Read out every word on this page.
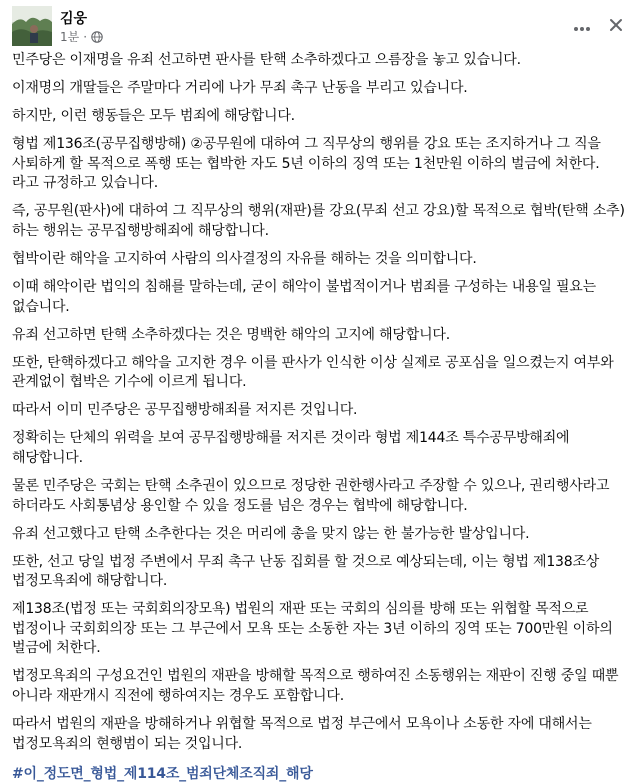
김웅
1분 ·

민주당은 이재명을 유죄 선고하면 판사를 탄핵 소추하겠다고 으름장을 놓고 있습니다.

이재명의 개딸들은 주말마다 거리에 나가 무죄 촉구 난동을 부리고 있습니다.

하지만, 이런 행동들은 모두 범죄에 해당합니다.

형법 제136조(공무집행방해) ②공무원에 대하여 그 직무상의 행위를 강요 또는 조지하거나 그 직을 사퇴하게 할 목적으로 폭행 또는 협박한 자도 5년 이하의 징역 또는 1천만원 이하의 벌금에 처한다. 라고 규정하고 있습니다.

즉, 공무원(판사)에 대하여 그 직무상의 행위(재판)를 강요(무죄 선고 강요)할 목적으로 협박(탄핵 소추)하는 행위는 공무집행방해죄에 해당합니다.

협박이란 해악을 고지하여 사람의 의사결정의 자유를 해하는 것을 의미합니다.

이때 해악이란 법익의 침해를 말하는데, 굳이 해악이 불법적이거나 범죄를 구성하는 내용일 필요는 없습니다.

유죄 선고하면 탄핵 소추하겠다는 것은 명백한 해악의 고지에 해당합니다.

또한, 탄핵하겠다고 해악을 고지한 경우 이를 판사가 인식한 이상 실제로 공포심을 일으켰는지 여부와 관계없이 협박은 기수에 이르게 됩니다.

따라서 이미 민주당은 공무집행방해죄를 저지른 것입니다.

정확히는 단체의 위력을 보여 공무집행방해를 저지른 것이라 형법 제144조 특수공무방해죄에 해당합니다.

물론 민주당은 국회는 탄핵 소추권이 있으므로 정당한 권한행사라고 주장할 수 있으나, 권리행사라고 하더라도 사회통념상 용인할 수 있을 정도를 넘은 경우는 협박에 해당합니다.

유죄 선고했다고 탄핵 소추한다는 것은 머리에 총을 맞지 않는 한 불가능한 발상입니다.

또한, 선고 당일 법정 주변에서 무죄 촉구 난동 집회를 할 것으로 예상되는데, 이는 형법 제138조상 법정모욕죄에 해당합니다.

제138조(법정 또는 국회회의장모욕) 법원의 재판 또는 국회의 심의를 방해 또는 위협할 목적으로 법정이나 국회회의장 또는 그 부근에서 모욕 또는 소동한 자는 3년 이하의 징역 또는 700만원 이하의 벌금에 처한다.

법정모욕죄의 구성요건인 법원의 재판을 방해할 목적으로 행하여진 소동행위는 재판이 진행 중일 때뿐 아니라 재판개시 직전에 행하여지는 경우도 포함합니다.

따라서 법원의 재판을 방해하거나 위협할 목적으로 법정 부근에서 모욕이나 소동한 자에 대해서는 법정모욕죄의 현행범이 되는 것입니다.

#이_정도면_형법_제114조_범죄단체조직죄_해당
